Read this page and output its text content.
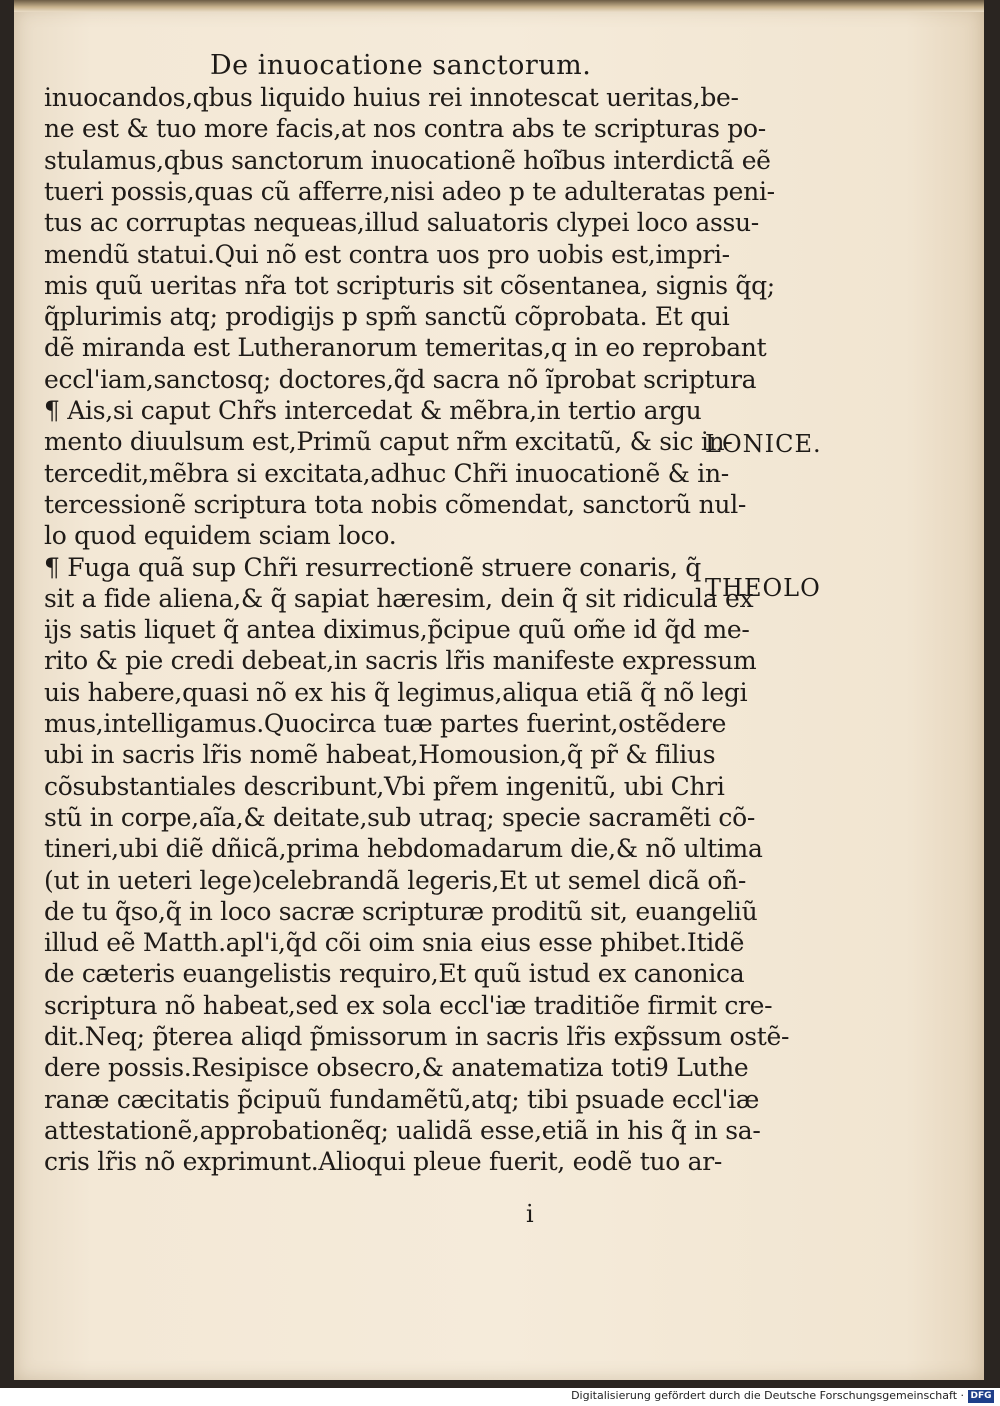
De inuocatione sanctorum.
inuocandos,qbus liquido huius rei innotescat ueritas,be-
ne est & tuo more facis,at nos contra abs te scripturas po-
stulamus,qbus sanctorum inuocationẽ hoĩbus interdictã eẽ
tueri possis,quas cũ afferre,nisi adeo p te adulteratas peni-
tus ac corruptas nequeas,illud saluatoris clypei loco assu-
mendũ statui.Qui nõ est contra uos pro uobis est,impri-
mis quũ ueritas nr̃a tot scripturis sit cõsentanea, signis q̃q;
q̃plurimis atq; prodigijs p spm̃ sanctũ cõprobata. Et qui
dẽ miranda est Lutheranorum temeritas,q in eo reprobant
eccl'iam,sanctosq; doctores,q̃d sacra nõ ĩprobat scriptura
¶ Ais,si caput Chr̃s intercedat & mẽbra,in tertio argu
mento diuulsum est,Primũ caput nr̃m excitatũ, & sic in-
tercedit,mẽbra si excitata,adhuc Chr̃i inuocationẽ & in-
tercessionẽ scriptura tota nobis cõmendat, sanctorũ nul-
lo quod equidem sciam loco.
¶ Fuga quã sup Chr̃i resurrectionẽ struere conaris, q̃
sit a fide aliena,& q̃ sapiat hæresim, dein q̃ sit ridicula ex
ijs satis liquet q̃ antea diximus,p̃cipue quũ om̃e id q̃d me-
rito & pie credi debeat,in sacris lr̃is manifeste expressum
uis habere,quasi nõ ex his q̃ legimus,aliqua etiã q̃ nõ legi
mus,intelligamus.Quocirca tuæ partes fuerint,ostẽdere
ubi in sacris lr̃is nomẽ habeat,Homousion,q̃ pr̃ & filius
cõsubstantiales describunt,Vbi pr̃em ingenitũ, ubi Chri
stũ in corpe,aĩa,& deitate,sub utraq; specie sacramẽti cõ-
tineri,ubi diẽ dñicã,prima hebdomadarum die,& nõ ultima
(ut in ueteri lege)celebrandã legeris,Et ut semel dicã oñ-
de tu q̃so,q̃ in loco sacræ scripturæ proditũ sit, euangeliũ
illud eẽ Matth.apl'i,q̃d cõi oim snia eius esse phibet.Itidẽ
de cæteris euangelistis requiro,Et quũ istud ex canonica
scriptura nõ habeat,sed ex sola eccl'iæ traditiõe firmit cre-
dit.Neq; p̃terea aliqd p̃missorum in sacris lr̃is exp̃ssum ostẽ-
dere possis.Resipisce obsecro,& anatematiza toti9 Luthe
ranæ cæcitatis p̃cipuũ fundamẽtũ,atq; tibi psuade eccl'iæ
attestationẽ,approbationẽq; ualidã esse,etiã in his q̃ in sa-
cris lr̃is nõ exprimunt.Alioqui pleue fuerit, eodẽ tuo ar-
LONICE.
THEOLO
i
Digitalisierung gefördert durch die Deutsche Forschungsgemeinschaft · DFG
